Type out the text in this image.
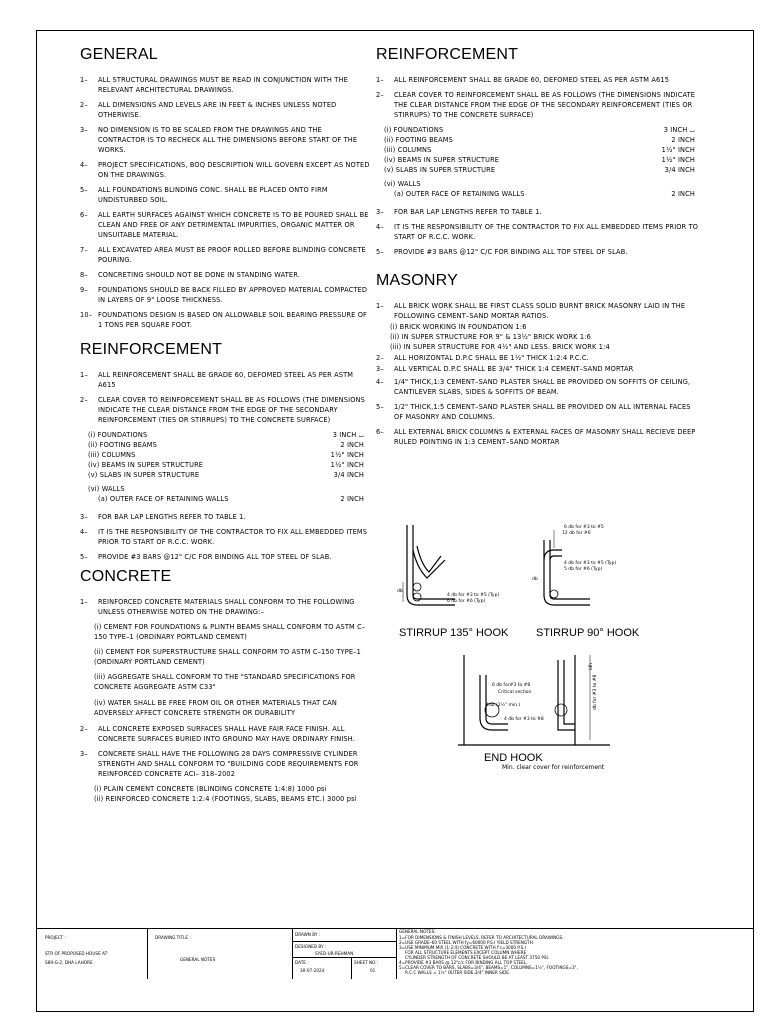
GENERAL
1–	ALL STRUCTURAL DRAWINGS MUST BE READ IN CONJUNCTION WITH THE RELEVANT ARCHITECTURAL DRAWINGS.
2–	ALL DIMENSIONS AND LEVELS ARE IN FEET & INCHES UNLESS NOTED OTHERWISE.
3–	NO DIMENSION IS TO BE SCALED FROM THE DRAWINGS AND THE CONTRACTOR IS TO RECHECK ALL THE DIMENSIONS BEFORE START OF THE WORKS.
4–	PROJECT SPECIFICATIONS, BOQ DESCRIPTION WILL GOVERN EXCEPT AS NOTED ON THE DRAWINGS.
5–	ALL FOUNDATIONS BLINDING CONC. SHALL BE PLACED ONTO FIRM UNDISTURBED SOIL.
6–	ALL EARTH SURFACES AGAINST WHICH CONCRETE IS TO BE POURED SHALL BE CLEAN AND FREE OF ANY DETRIMENTAL IMPURITIES, ORGANIC MATTER OR UNSUITABLE MATERIAL.
7–	ALL EXCAVATED AREA MUST BE PROOF ROLLED BEFORE BLINDING CONCRETE POURING.
8–	CONCRETING SHOULD NOT BE DONE IN STANDING WATER.
9–	FOUNDATIONS SHOULD BE BACK FILLED BY APPROVED MATERIAL COMPACTED IN LAYERS OF 9" LOOSE THICKNESS.
10– FOUNDATIONS DESIGN IS BASED ON ALLOWABLE SOIL BEARING PRESSURE OF 1 TONS PER SQUARE FOOT.
REINFORCEMENT
1–	ALL REINFORCEMENT SHALL BE GRADE 60, DEFOMED STEEL AS PER ASTM A615
2–	CLEAR COVER TO REINFORCEMENT SHALL BE AS FOLLOWS (THE DIMENSIONS INDICATE THE CLEAR DISTANCE FROM THE EDGE OF THE SECONDARY REINFORCEMENT (TIES OR STIRRUPS) TO THE CONCRETE SURFACE)
(i) FOUNDATIONS	3 INCH ⌴
(ii) FOOTING BEAMS	2 INCH
(iii) COLUMNS	1½" INCH
(iv) BEAMS IN SUPER STRUCTURE	1½" INCH
(v) SLABS IN SUPER STRUCTURE	3/4 INCH
(vi) WALLS
(a) OUTER FACE OF RETAINING WALLS	2 INCH
3–	FOR BAR LAP LENGTHS REFER TO TABLE 1.
4–	IT IS THE RESPONSIBILITY OF THE CONTRACTOR TO FIX ALL EMBEDDED ITEMS PRIOR TO START OF R.C.C. WORK.
5–	PROVIDE #3 BARS @12" C/C FOR BINDING ALL TOP STEEL OF SLAB.
CONCRETE
1–	REINFORCED CONCRETE MATERIALS SHALL CONFORM TO THE FOLLOWING UNLESS OTHERWISE NOTED ON THE DRAWING:–
(i) CEMENT FOR FOUNDATIONS & PLINTH BEAMS SHALL CONFORM TO ASTM C–150 TYPE–1 (ORDINARY PORTLAND CEMENT)
(ii) CEMENT FOR SUPERSTRUCTURE SHALL CONFORM TO ASTM C–150 TYPE–1 (ORDINARY PORTLAND CEMENT)
(iii) AGGREGATE SHALL CONFORM TO THE "STANDARD SPECIFICATIONS FOR CONCRETE AGGREGATE ASTM C33"
(iv) WATER SHALL BE FREE FROM OIL OR OTHER MATERIALS THAT CAN ADVERSELY AFFECT CONCRETE STRENGTH OR DURABILITY
2–	ALL CONCRETE EXPOSED SURFACES SHALL HAVE FAIR FACE FINISH. ALL CONCRETE SURFACES BURIED INTO GROUND MAY HAVE ORDINARY FINISH.
3–	CONCRETE SHALL HAVE THE FOLLOWING 28 DAYS COMPRESSIVE CYLINDER STRENGTH AND SHALL CONFORM TO "BUILDING CODE REQUIREMENTS FOR REINFORCED CONCRETE ACI– 318–2002
(i) PLAIN CEMENT CONCRETE (BLINDING CONCRETE 1:4:8) 1000 psi
(ii) REINFORCED CONCRETE 1:2:4 (FOOTINGS, SLABS, BEAMS ETC.) 3000 psi
REINFORCEMENT
1–	ALL REINFORCEMENT SHALL BE GRADE 60, DEFOMED STEEL AS PER ASTM A615
2–	CLEAR COVER TO REINFORCEMENT SHALL BE AS FOLLOWS (THE DIMENSIONS INDICATE THE CLEAR DISTANCE FROM THE EDGE OF THE SECONDARY REINFORCEMENT (TIES OR STIRRUPS) TO THE CONCRETE SURFACE)
(i) FOUNDATIONS	3 INCH ⌴
(ii) FOOTING BEAMS	2 INCH
(iii) COLUMNS	1½" INCH
(iv) BEAMS IN SUPER STRUCTURE	1½" INCH
(v) SLABS IN SUPER STRUCTURE	3/4 INCH
(vi) WALLS
(a) OUTER FACE OF RETAINING WALLS	2 INCH
3–	FOR BAR LAP LENGTHS REFER TO TABLE 1.
4–	IT IS THE RESPONSIBILITY OF THE CONTRACTOR TO FIX ALL EMBEDDED ITEMS PRIOR TO START OF R.C.C. WORK.
5–	PROVIDE #3 BARS @12" C/C FOR BINDING ALL TOP STEEL OF SLAB.
MASONRY
1–	ALL BRICK WORK SHALL BE FIRST CLASS SOLID BURNT BRICK MASONRY LAID IN THE FOLLOWING CEMENT–SAND MORTAR RATIOS.
(i) BRICK WORKING IN FOUNDATION 1:6
(ii) IN SUPER STRUCTURE FOR 9" & 13½" BRICK WORK 1:6
(iii) IN SUPER STRUCTURE FOR 4½" AND LESS. BRICK WORK 1:4
2–	ALL HORIZONTAL D.P.C SHALL BE 1½" THICK 1:2:4 P.C.C.
3–	ALL VERTICAL D.P.C SHALL BE 3/4" THICK 1:4 CEMENT–SAND MORTAR
4–	1/4" THICK,1:3 CEMENT–SAND PLASTER SHALL BE PROVIDED ON SOFFITS OF CEILING, CANTILEVER SLABS, SIDES & SOFFITS OF BEAM.
5–	1/2" THICK,1:5 CEMENT–SAND PLASTER SHALL BE PROVIDED ON ALL INTERNAL FACES OF MASONRY AND COLUMNS.
6–	ALL EXTERNAL BRICK COLUMNS & EXTERNAL FACES OF MASONRY SHALL RECIEVE DEEP RULED POINTING IN 1:3 CEMENT–SAND MORTAR
db
4 db for #3 to #5 (Typ)
6 db for #6 (Typ)
6 db for #3 to #5
12 db for #6
4 db for #3 to #5 (Typ)
5 db for #6 (Typ)
db
STIRRUP 135° HOOK	STIRRUP 90° HOOK
6 db for#3 to #8
Critical section
4 db for #3 to #8
4db (2½" min.)	db for #3 to #8
ldh
Min. clear cover for reinforcement
END HOOK
PROJECT :
STR OF PROPOSED HOUSE AT:
S89-G-2, DHA LAHORE
DRAWING TITLE :
GENERAL NOTES
DRAWN BY :
DESIGNED BY :
SYED-UR-REHMAN
DATE :
30-07-2024
SHEET NO :
01
GENERAL NOTES:
1=FOR DIMENSIONS & FINISH LEVELS, REFER TO ARCHITECTURAL DRAWINGS.
2=USE GRADE–60 STEEL WITH fy=60000 P.S.I YIELD STRENGTH.
3=USE MINIMUM MIX (1:2:4) CONCRETE WITH f'c=3000 P.S.I
FOR ALL STRUCTURE ELEMENTS EXCEPT COLUMN WHERE
CYLINDER STRENGTH OF CONCRETE SHOULD BE AT LEAST 3750 PSI.
4=PROVIDE #3 BARS @ 12"c/c FOR BINDING ALL TOP STEEL.
5=CLEAR COVER TO BARS, SLABS=3/4", BEAMS=1", COLUMNS=1½", FOOTINGS=3",
R.C.C WALLS = 1½" OUTER SIDE,3/4" INNER SIDE.
